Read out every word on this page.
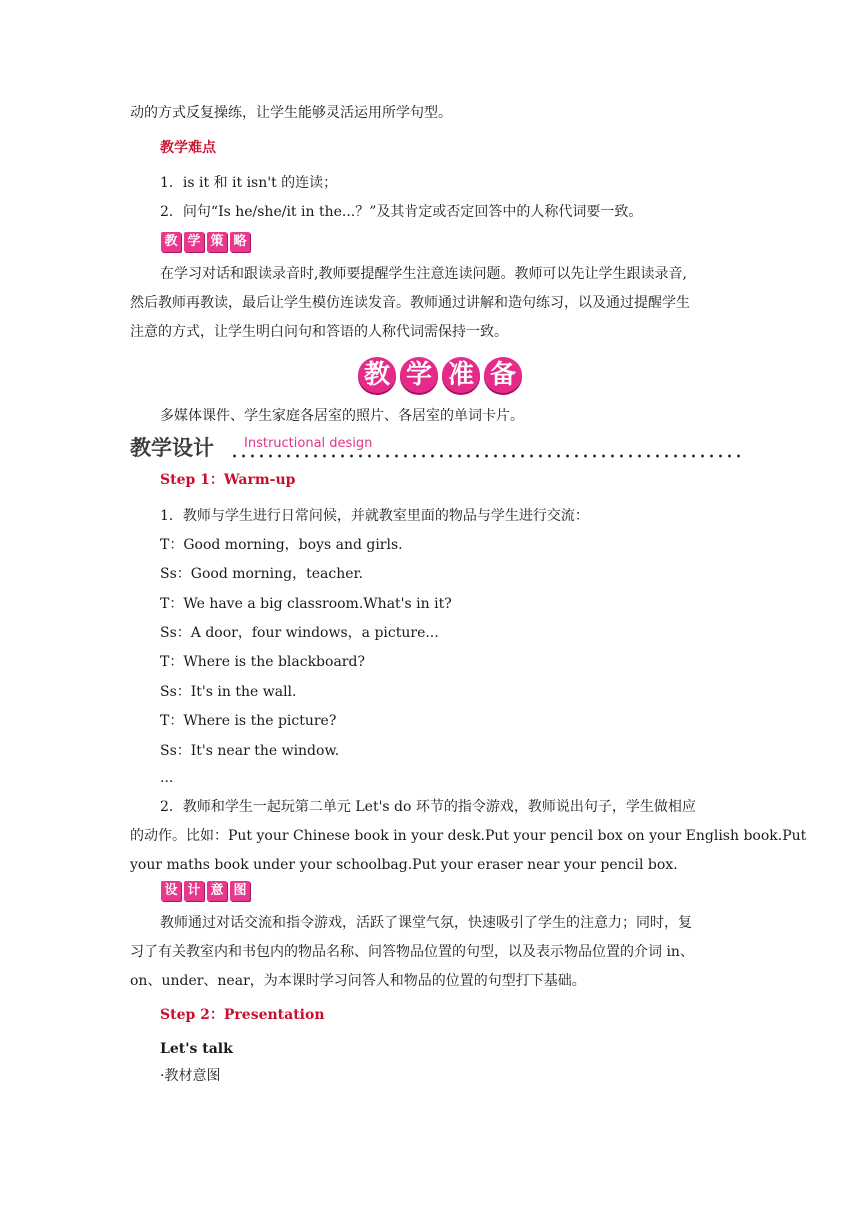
动的方式反复操练，让学生能够灵活运用所学句型。
教学难点
1．is it 和 it isn't 的连读；
2．问句“Is he/she/it in the...？”及其肯定或否定回答中的人称代词要一致。
教 学 策 略
在学习对话和跟读录音时,教师要提醒学生注意连读问题。教师可以先让学生跟读录音,
然后教师再教读，最后让学生模仿连读发音。教师通过讲解和造句练习，以及通过提醒学生
注意的方式，让学生明白问句和答语的人称代词需保持一致。
教 学 准 备
多媒体课件、学生家庭各居室的照片、各居室的单词卡片。
教学设计 Instructional design
Step 1：Warm-up
1．教师与学生进行日常问候，并就教室里面的物品与学生进行交流：
T：Good morning，boys and girls.
Ss：Good morning，teacher.
T：We have a big classroom.What's in it?
Ss：A door，four windows，a picture...
T：Where is the blackboard?
Ss：It's in the wall.
T：Where is the picture?
Ss：It's near the window.
...
2．教师和学生一起玩第二单元 Let's do 环节的指令游戏，教师说出句子，学生做相应
的动作。比如：Put your Chinese book in your desk.Put your pencil box on your English book.Put
your maths book under your schoolbag.Put your eraser near your pencil box.
设 计 意 图
教师通过对话交流和指令游戏，活跃了课堂气氛，快速吸引了学生的注意力；同时，复
习了有关教室内和书包内的物品名称、问答物品位置的句型，以及表示物品位置的介词 in、
on、under、near，为本课时学习问答人和物品的位置的句型打下基础。
Step 2：Presentation
Let's talk
·教材意图
